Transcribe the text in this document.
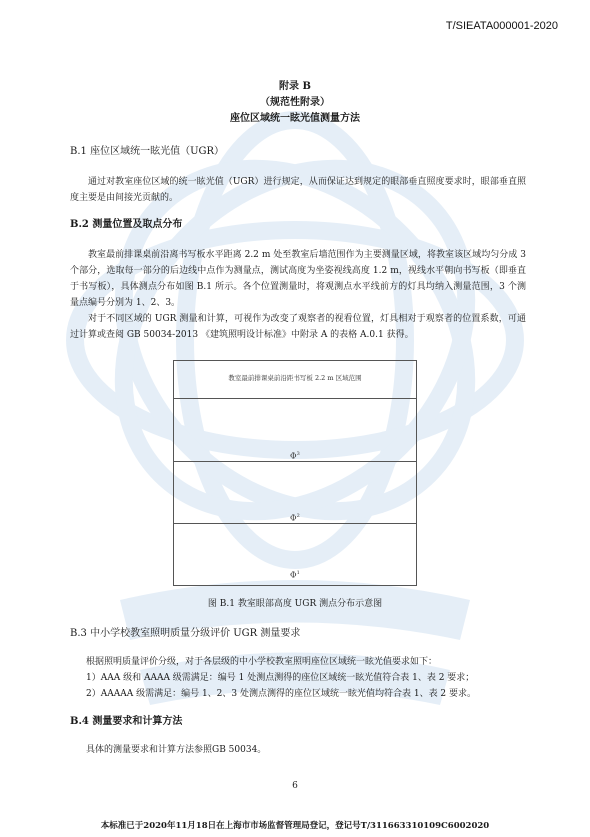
T/SIEATA000001-2020
附录 B
（规范性附录）
座位区域统一眩光值测量方法
B.1 座位区域统一眩光值（UGR）
通过对教室座位区域的统一眩光值（UGR）进行规定，从而保证达到规定的眼部垂直照度要求时，眼部垂直照度主要是由间接光贡献的。
B.2 测量位置及取点分布
教室最前排课桌前沿离书写板水平距离 2.2 m 处至教室后墙范围作为主要测量区域，将教室该区域均匀分成 3 个部分，选取每一部分的后边线中点作为测量点，测试高度为坐姿视线高度 1.2 m，视线水平朝向书写板（即垂直于书写板），具体测点分布如图 B.1 所示。各个位置测量时，将观测点水平线前方的灯具均纳入测量范围，3 个测量点编号分别为 1、2、3。
对于不同区域的 UGR 测量和计算，可视作为改变了观察者的视看位置，灯具相对于观察者的位置系数，可通过计算或查阅 GB 50034-2013 《建筑照明设计标准》中附录 A 的表格 A.0.1 获得。
教室最前排课桌前沿距书写板 2.2 m 区域范围
$\Phi^3$
$\Phi^2$
$\Phi^1$
图 B.1 教室眼部高度 UGR 测点分布示意图
B.3 中小学校教室照明质量分级评价 UGR 测量要求
根据照明质量评价分级，对于各层级的中小学校教室照明座位区域统一眩光值要求如下：
1）AAA 级和 AAAA 级需满足：编号 1 处测点测得的座位区域统一眩光值符合表 1、表 2 要求；
2）AAAAA 级需满足：编号 1、2、3 处测点测得的座位区域统一眩光值均符合表 1、表 2 要求。
B.4 测量要求和计算方法
具体的测量要求和计算方法参照GB 50034。
6
本标准已于2020年11月18日在上海市市场监督管理局登记，登记号T/311663310109C6002020
